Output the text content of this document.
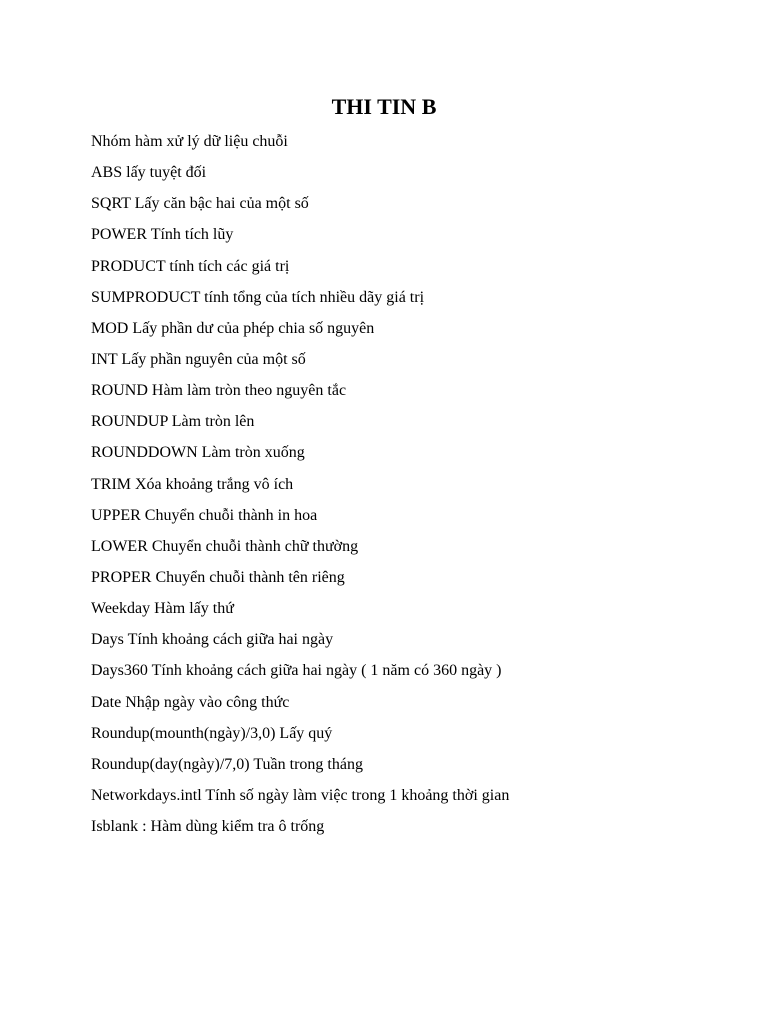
THI TIN B
Nhóm hàm xử lý dữ liệu chuỗi
ABS lấy tuyệt đối
SQRT Lấy căn bậc hai của một số
POWER Tính tích lũy
PRODUCT tính tích các giá trị
SUMPRODUCT tính tổng của tích nhiều dãy giá trị
MOD Lấy phần dư của phép chia số nguyên
INT Lấy phần nguyên của một số
ROUND Hàm làm tròn theo nguyên tắc
ROUNDUP Làm tròn lên
ROUNDDOWN Làm tròn xuống
TRIM Xóa khoảng trắng vô ích
UPPER Chuyển chuỗi thành in hoa
LOWER Chuyển chuỗi thành chữ thường
PROPER Chuyển chuỗi thành tên riêng
Weekday Hàm lấy thứ
Days Tính khoảng cách giữa hai ngày
Days360 Tính khoảng cách giữa hai ngày ( 1 năm có 360 ngày )
Date Nhập ngày vào công thức
Roundup(mounth(ngày)/3,0) Lấy quý
Roundup(day(ngày)/7,0) Tuần trong tháng
Networkdays.intl Tính số ngày làm việc trong 1 khoảng thời gian
Isblank : Hàm dùng kiểm tra ô trống
